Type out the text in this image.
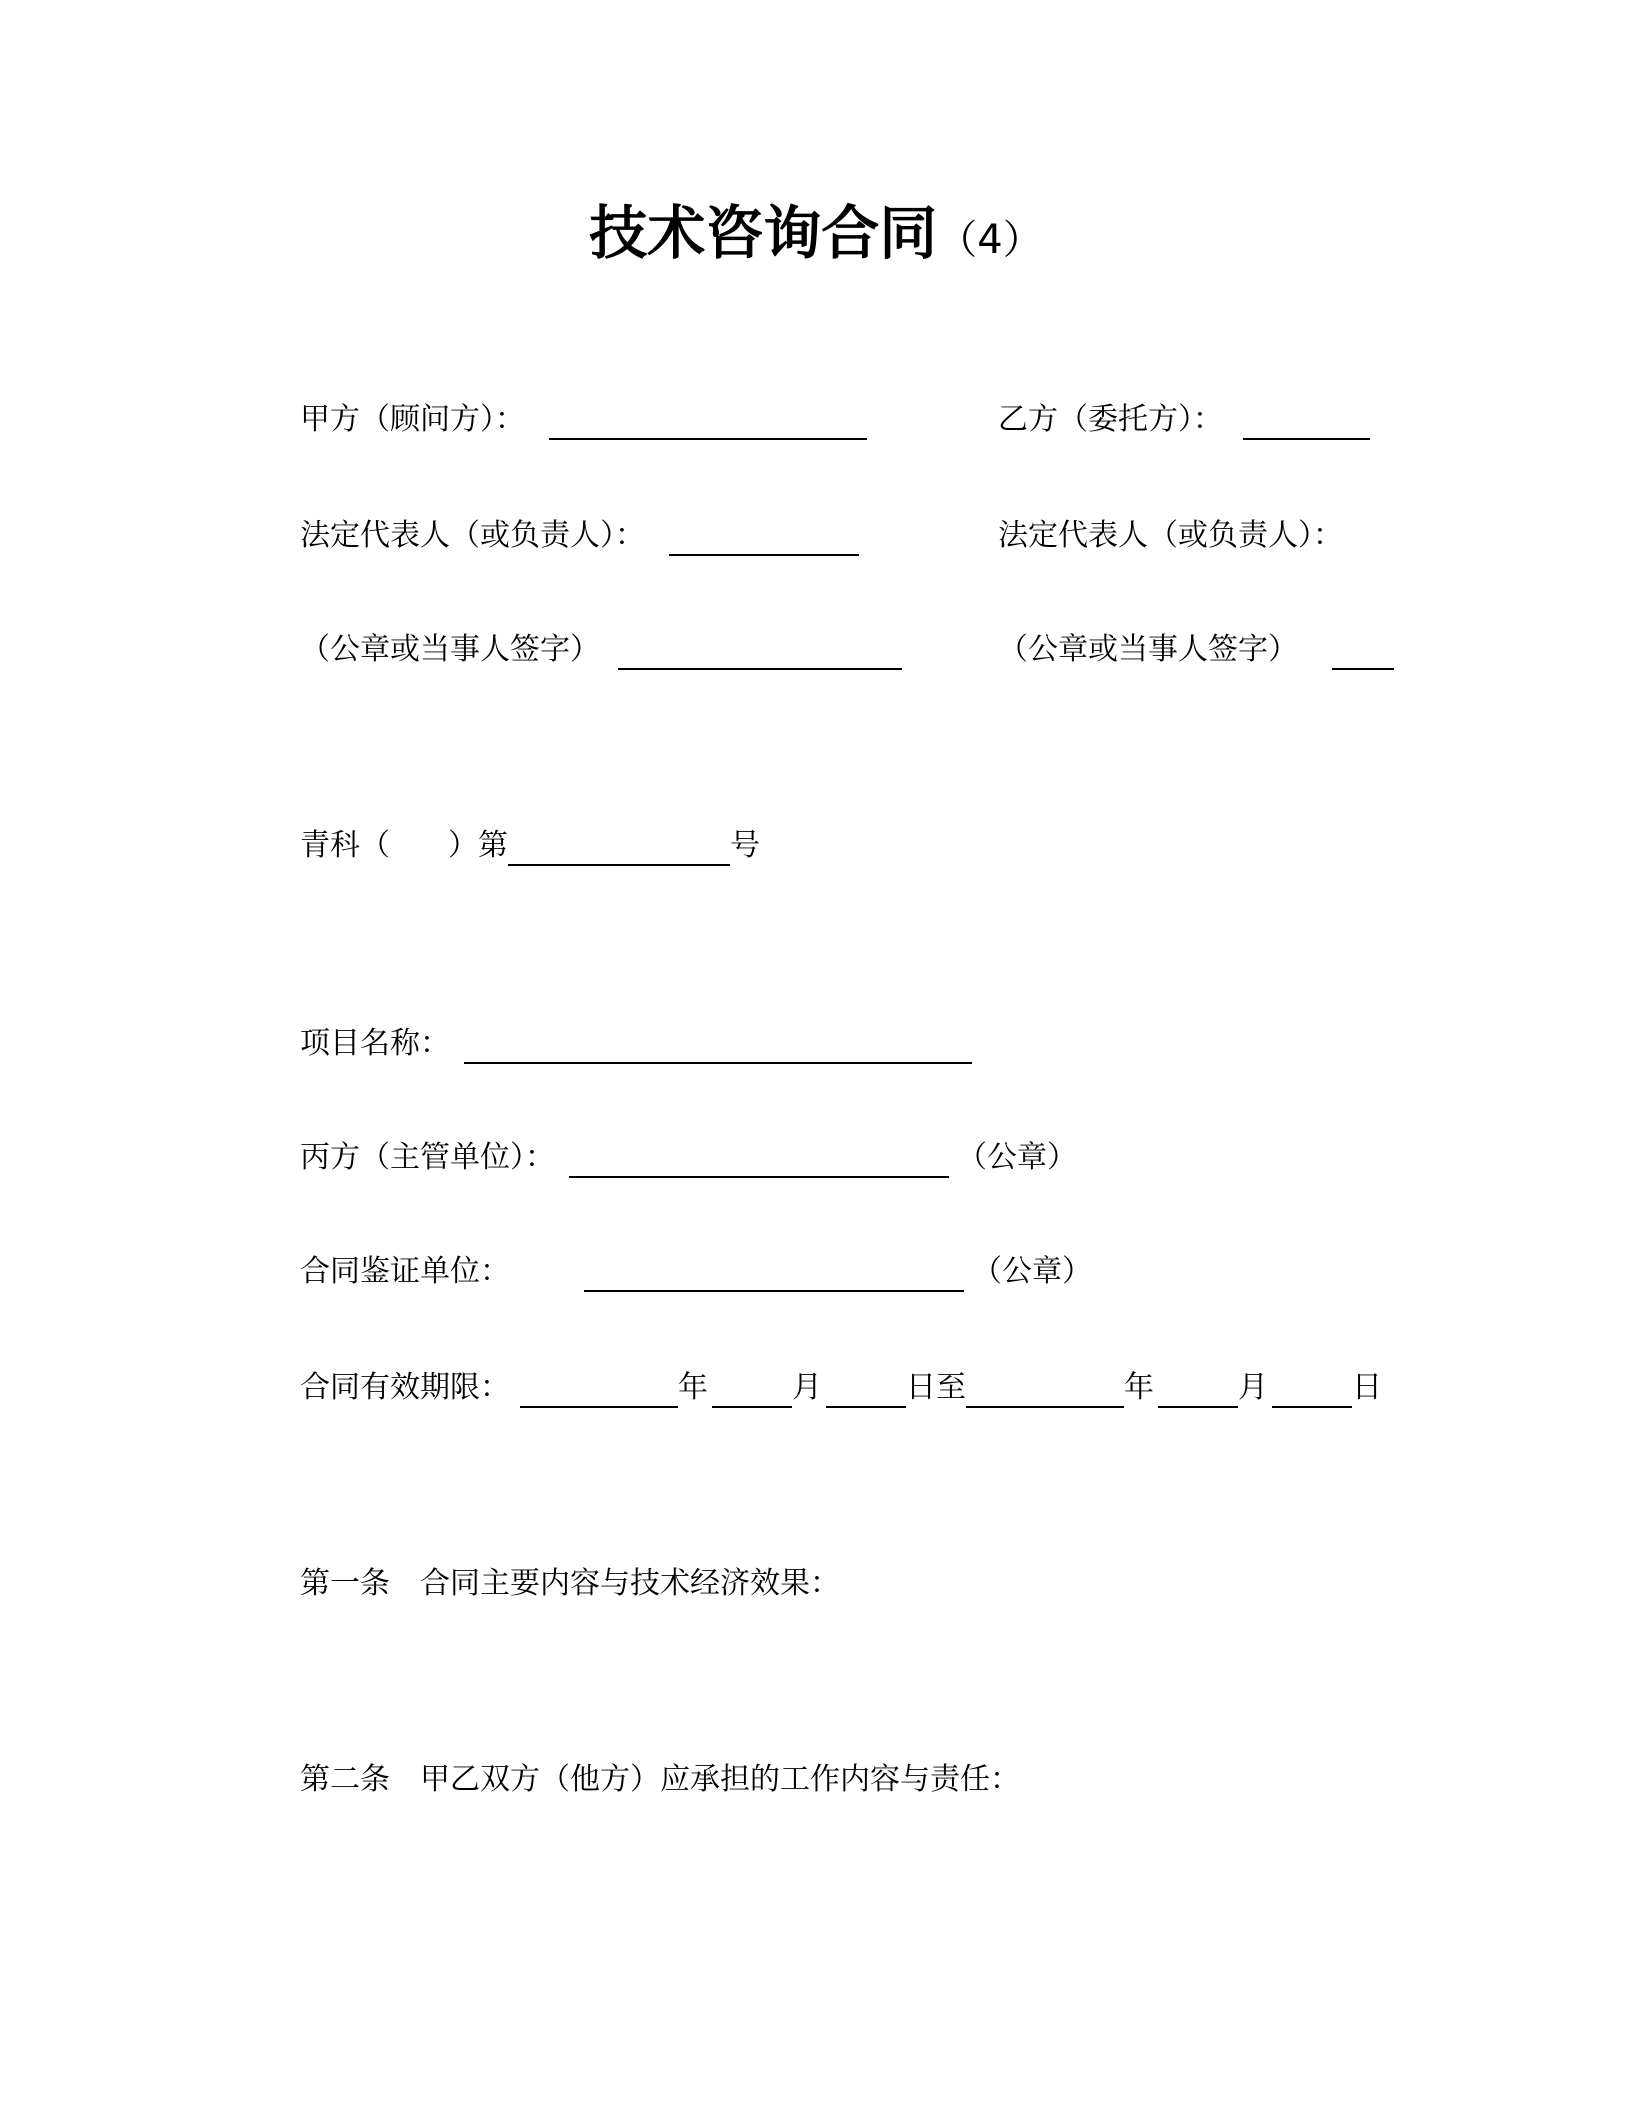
技术咨询合同（4）
甲方（顾问方）：	乙方（委托方）：
法定代表人（或负责人）：	法定代表人（或负责人）：
（公章或当事人签字）	（公章或当事人签字）
青科（ ）第	号
项目名称：
丙方（主管单位）：	（公章）
合同鉴证单位：	（公章）
合同有效期限：	年	月	日至	年	月	日
第一条　合同主要内容与技术经济效果：
第二条　甲乙双方（他方）应承担的工作内容与责任：
